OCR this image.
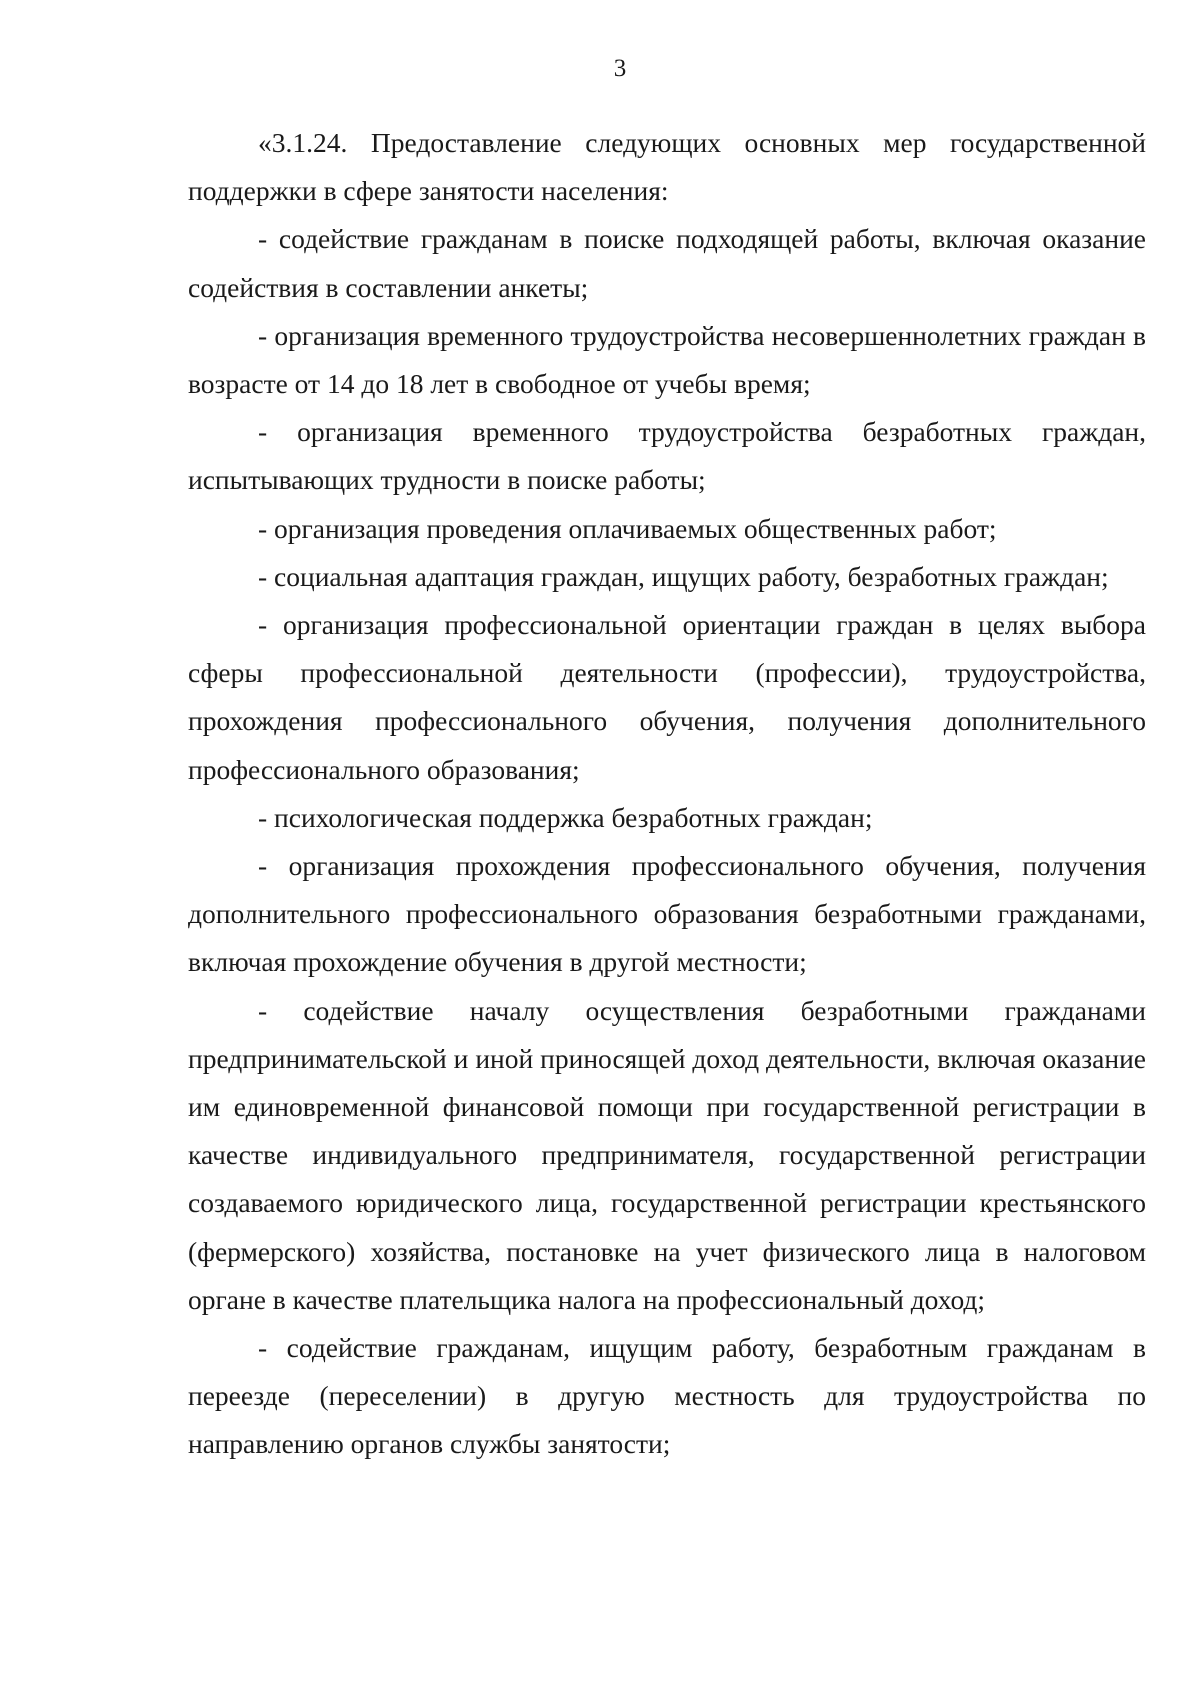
3

«3.1.24. Предоставление следующих основных мер государственной поддержки в сфере занятости населения:

- содействие гражданам в поиске подходящей работы, включая оказание содействия в составлении анкеты;

- организация временного трудоустройства несовершеннолетних граждан в возрасте от 14 до 18 лет в свободное от учебы время;

- организация временного трудоустройства безработных граждан, испытывающих трудности в поиске работы;

- организация проведения оплачиваемых общественных работ;

- социальная адаптация граждан, ищущих работу, безработных граждан;

- организация профессиональной ориентации граждан в целях выбора сферы профессиональной деятельности (профессии), трудоустройства, прохождения профессионального обучения, получения дополнительного профессионального образования;

- психологическая поддержка безработных граждан;

- организация прохождения профессионального обучения, получения дополнительного профессионального образования безработными гражданами, включая прохождение обучения в другой местности;

- содействие началу осуществления безработными гражданами предпринимательской и иной приносящей доход деятельности, включая оказание им единовременной финансовой помощи при государственной регистрации в качестве индивидуального предпринимателя, государственной регистрации создаваемого юридического лица, государственной регистрации крестьянского (фермерского) хозяйства, постановке на учет физического лица в налоговом органе в качестве плательщика налога на профессиональный доход;

- содействие гражданам, ищущим работу, безработным гражданам в переезде (переселении) в другую местность для трудоустройства по направлению органов службы занятости;
